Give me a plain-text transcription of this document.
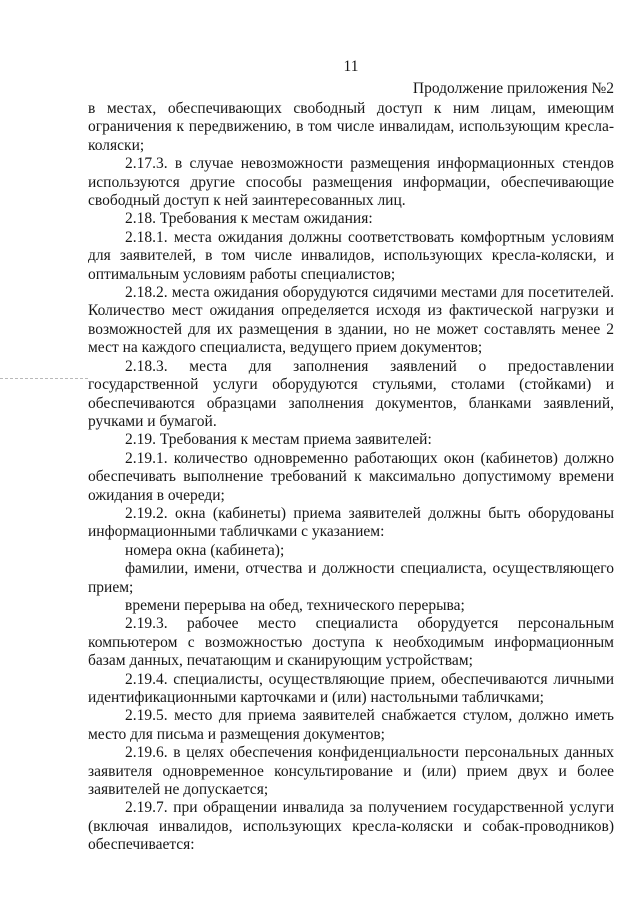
11
Продолжение приложения №2

в местах, обеспечивающих свободный доступ к ним лицам, имеющим ограничения к передвижению, в том числе инвалидам, использующим кресла-коляски;

2.17.3. в случае невозможности размещения информационных стендов используются другие способы размещения информации, обеспечивающие свободный доступ к ней заинтересованных лиц.

2.18. Требования к местам ожидания:

2.18.1. места ожидания должны соответствовать комфортным условиям для заявителей, в том числе инвалидов, использующих кресла-коляски, и оптимальным условиям работы специалистов;

2.18.2. места ожидания оборудуются сидячими местами для посетителей. Количество мест ожидания определяется исходя из фактической нагрузки и возможностей для их размещения в здании, но не может составлять менее 2 мест на каждого специалиста, ведущего прием документов;

2.18.3. места для заполнения заявлений о предоставлении государственной услуги оборудуются стульями, столами (стойками) и обеспечиваются образцами заполнения документов, бланками заявлений, ручками и бумагой.

2.19. Требования к местам приема заявителей:

2.19.1. количество одновременно работающих окон (кабинетов) должно обеспечивать выполнение требований к максимально допустимому времени ожидания в очереди;

2.19.2. окна (кабинеты) приема заявителей должны быть оборудованы информационными табличками с указанием:

номера окна (кабинета);

фамилии, имени, отчества и должности специалиста, осуществляющего прием;

времени перерыва на обед, технического перерыва;

2.19.3. рабочее место специалиста оборудуется персональным компьютером с возможностью доступа к необходимым информационным базам данных, печатающим и сканирующим устройствам;

2.19.4. специалисты, осуществляющие прием, обеспечиваются личными идентификационными карточками и (или) настольными табличками;

2.19.5. место для приема заявителей снабжается стулом, должно иметь место для письма и размещения документов;

2.19.6. в целях обеспечения конфиденциальности персональных данных заявителя одновременное консультирование и (или) прием двух и более заявителей не допускается;

2.19.7. при обращении инвалида за получением государственной услуги (включая инвалидов, использующих кресла-коляски и собак-проводников) обеспечивается:
